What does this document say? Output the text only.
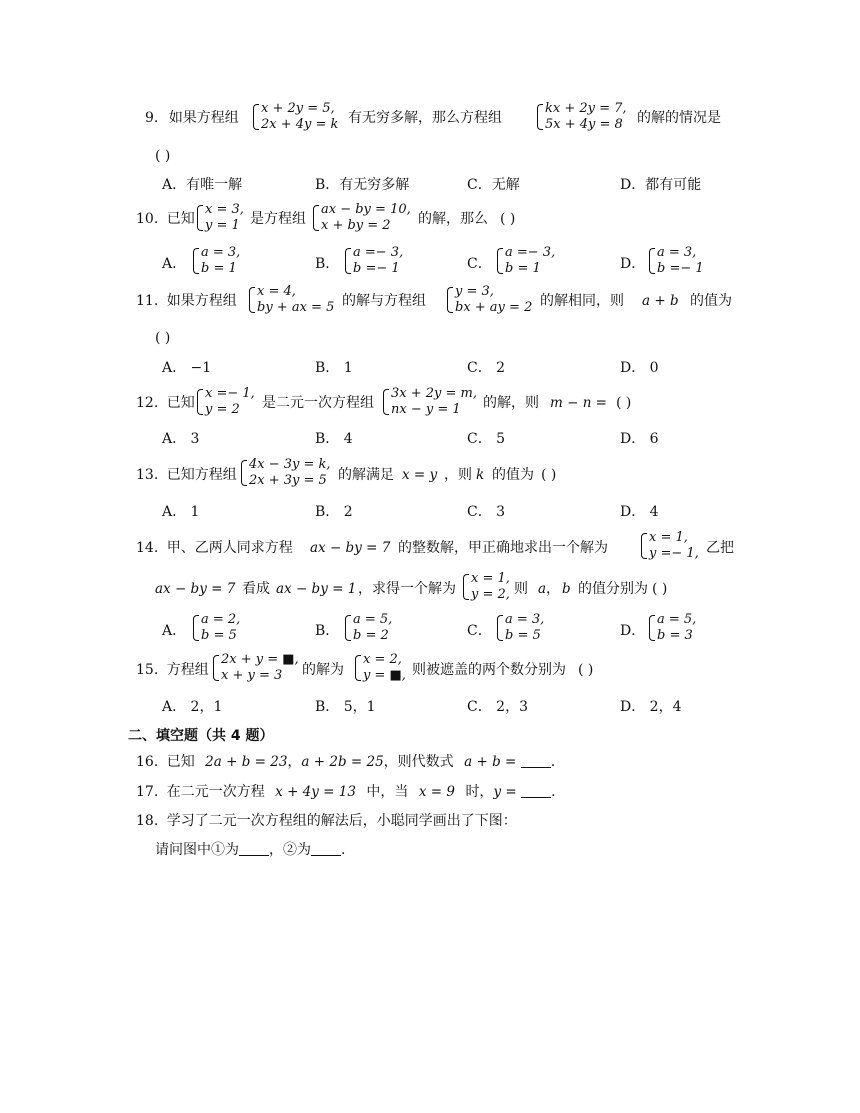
9. 如果方程组
x + 2y = 5,
2x + 4y = k 有无穷多解，那么方程组
kx + 2y = 7,
5x + 4y = 8 的解的情况是
( )
A．有唯一解	B．有无穷多解	C．无解	D．都有可能
10. 已知
x = 3,
y = 1 是方程组
ax − by = 10,
x + by = 2	的解，那么 ( )
A．
a = 3,
b = 1	B．
a =− 3,
b =− 1	C．
a =− 3,
b = 1	D．
a = 3,
b =− 1
11. 如果方程组
x = 4,
by + ax = 5 的解与方程组
y = 3,
bx + ay = 2 的解相同，则 a + b 的值为
( )
A． −1	B． 1	C． 2	D． 0
12. 已知
x =− 1,
y = 2	是二元一次方程组
3x + 2y = m,
nx − y = 1	的解，则 m − n = ( )
A． 3	B． 4	C． 5	D． 6
13. 已知方程组
4x − 3y = k,
2x + 3y = 5 的解满足 x = y ，则 k 的值为 ( )
A． 1	B． 2	C． 3	D． 4
14. 甲、乙两人同求方程 ax − by = 7 的整数解，甲正确地求出一个解为
x = 1,
y =− 1, 乙把
ax − by = 7 看成 ax − by = 1 ，求得一个解为
x = 1,
y = 2, 则 a ， b 的值分别为 ( )
A．
a = 2,
b = 5	B．
a = 5,
b = 2	C．
a = 3,
b = 5	D．
a = 5,
b = 3
15. 方程组
2x + y = ■,
x + y = 3	的解为
x = 2,
y = ■, 则被遮盖的两个数分别为 ( )
A． 2，1	B． 5，1	C． 2，3	D． 2，4
二、填空题（共 4 题）
16. 已知 2a + b = 23，a + 2b = 25，则代数式 a + b = .
17. 在二元一次方程 x + 4y = 13 中，当 x = 9 时，y = .
18. 学习了二元一次方程组的解法后，小聪同学画出了下图：
请问图中①为 ，②为 .
